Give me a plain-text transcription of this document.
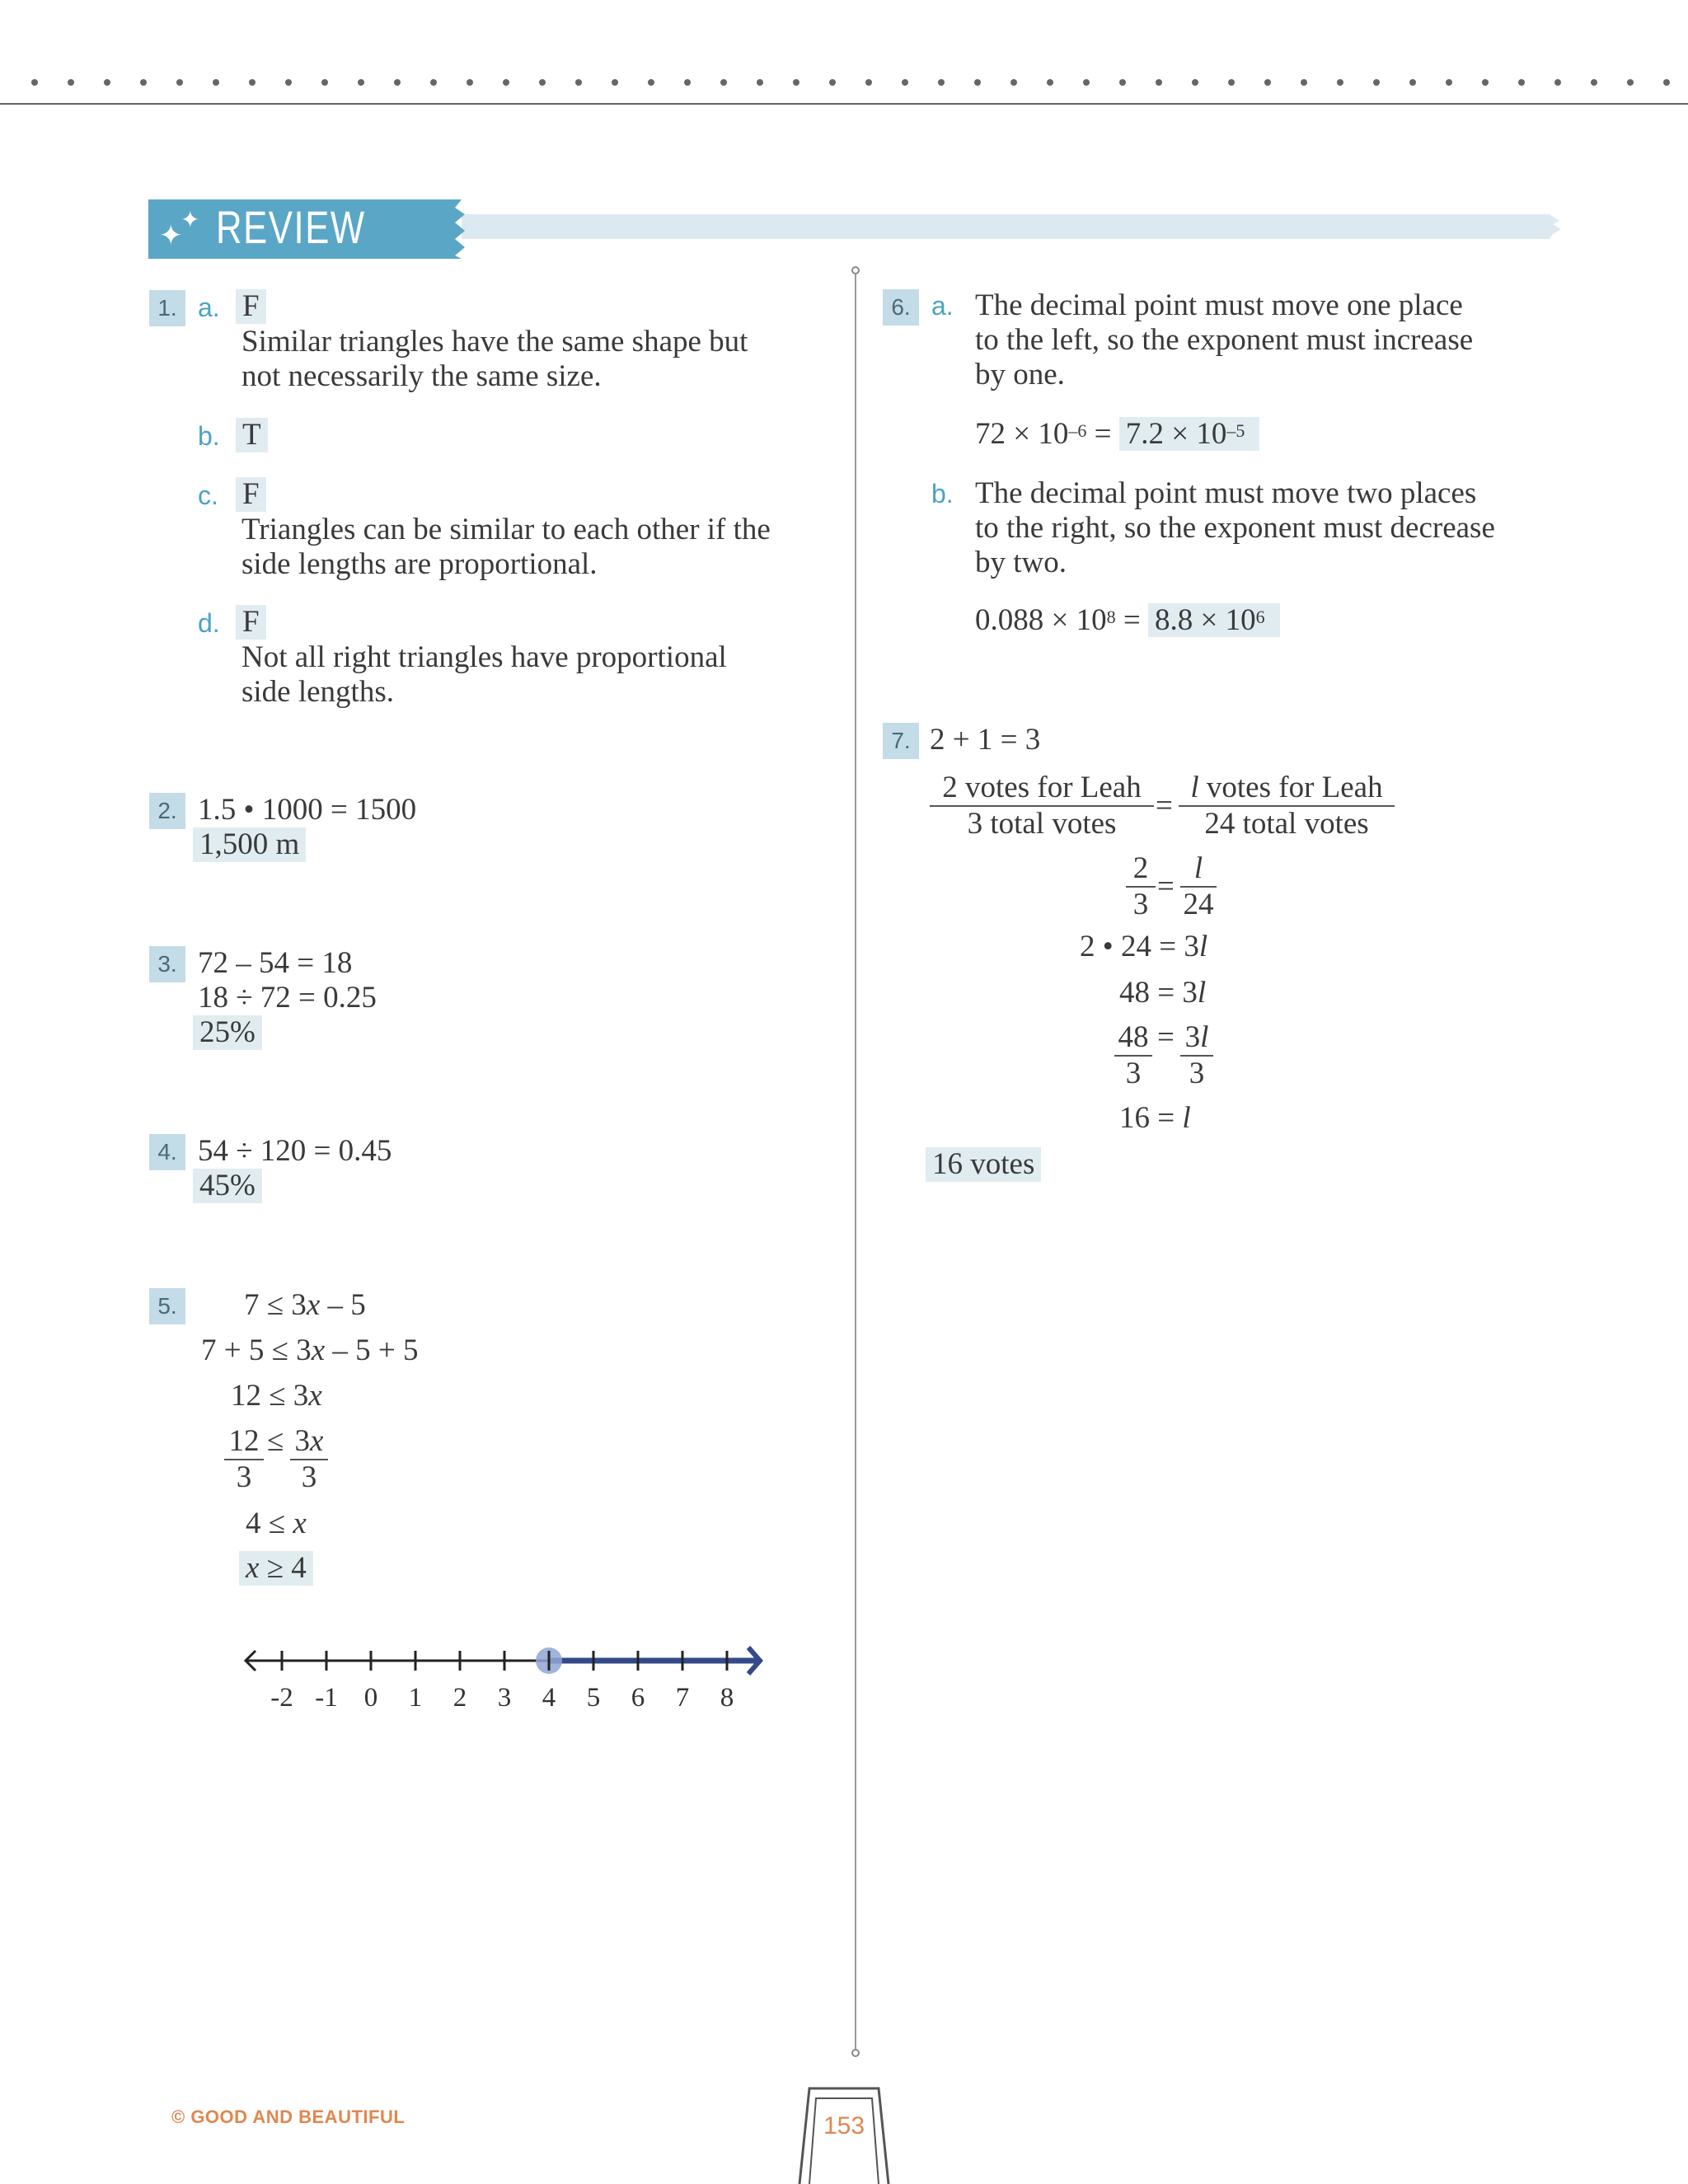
✦
✦ REVIEW
1. a. F
Similar triangles have the same shape but
not necessarily the same size.
b. T
c. F
Triangles can be similar to each other if the
side lengths are proportional.
d. F
Not all right triangles have proportional
side lengths.
2. 1.5 • 1000 = 1500
1,500 m
3. 72 – 54 = 18
18 ÷ 72 = 0.25
25%
4. 54 ÷ 120 = 0.45
45%
5. 7 ≤ 3x – 5
7 + 5 ≤ 3x – 5 + 5
12 ≤ 3x
$\frac{12}{3} \le \frac{3x}{3}$
4 ≤ x
x ≥ 4
-2 -1 0 1 2 3 4 5 6 7 8
6. a. The decimal point must move one place
to the left, so the exponent must increase
by one.
$72 \times 10^{-6} = 7.2 \times 10^{-5}$
b. The decimal point must move two places
to the right, so the exponent must decrease
by two.
$0.088 \times 10^8 = 8.8 \times 10^6$
7. 2 + 1 = 3
2 votes for Leah
3 total votes
=
l votes for Leah
24 total votes
$\frac{2}{3} = \frac{l}{24}$
2 • 24 = 3l
48 = 3l
$\frac{48}{3} = \frac{3l}{3}$
16 = l
16 votes
© GOOD AND BEAUTIFUL	153
